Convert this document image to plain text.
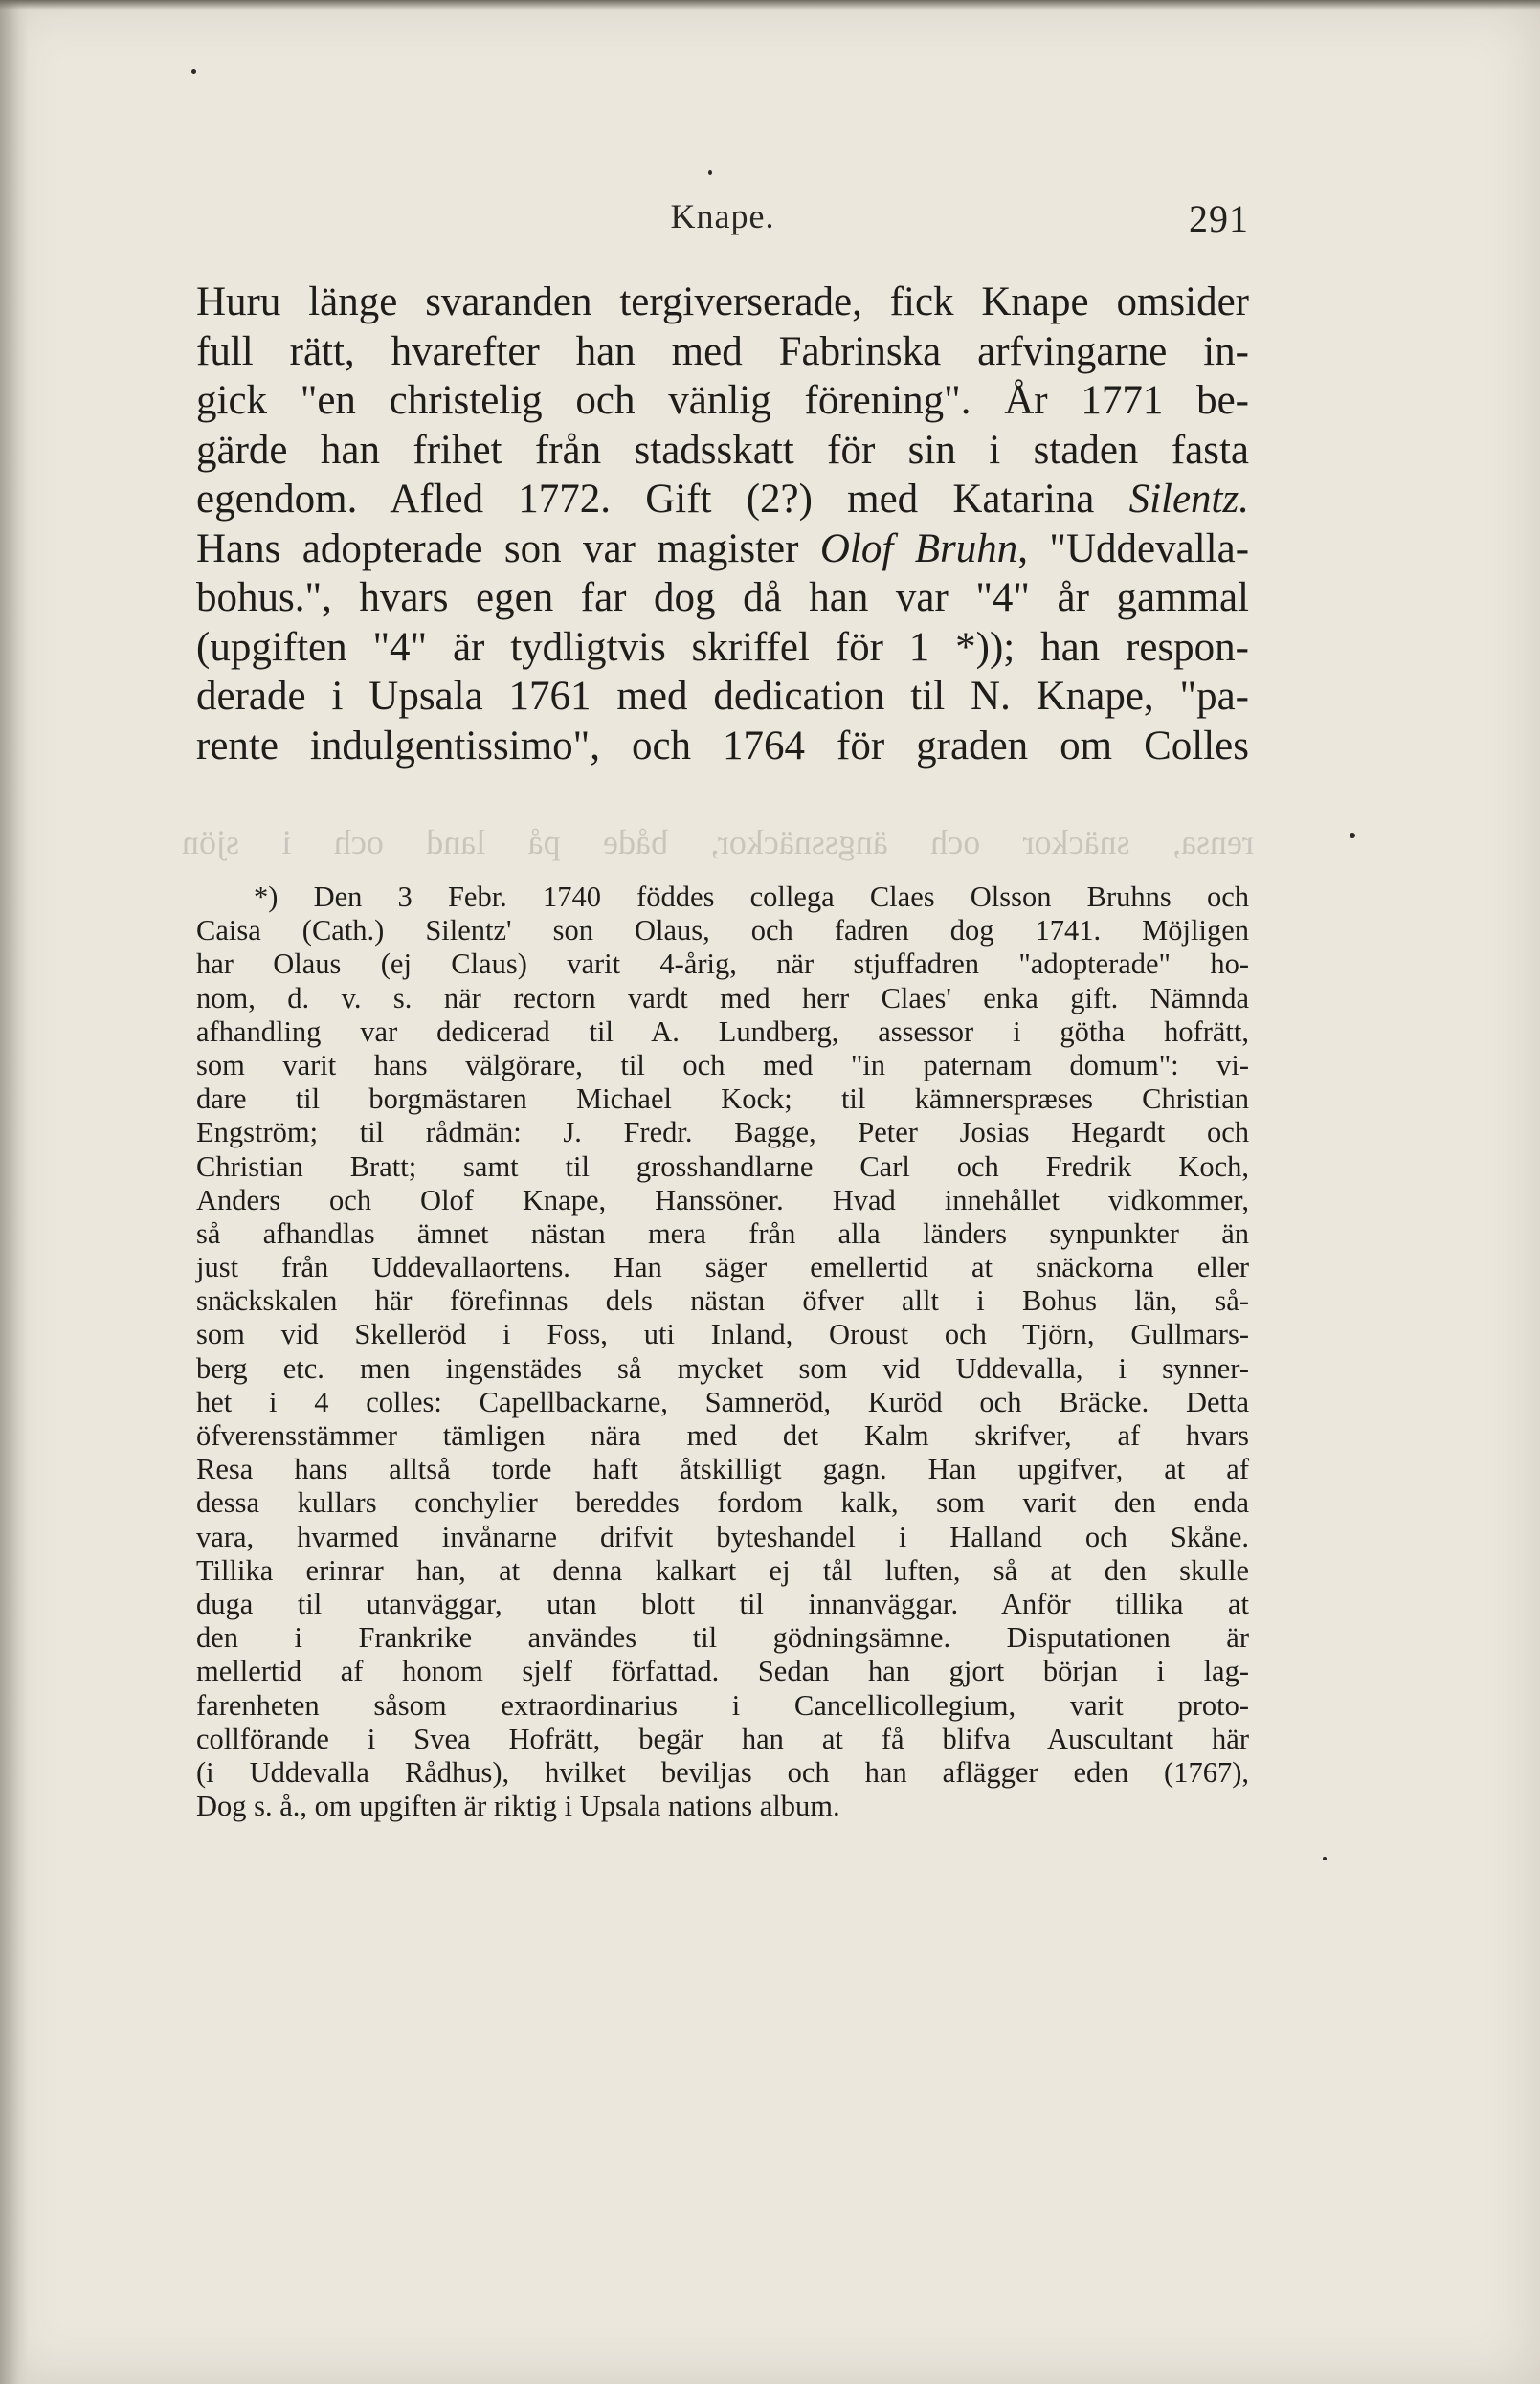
Knape.	291
Huru länge svaranden tergiverserade, fick Knape omsider
full rätt, hvarefter han med Fabrinska arfvingarne in-
gick "en christelig och vänlig förening". År 1771 be-
gärde han frihet från stadsskatt för sin i staden fasta
egendom. Afled 1772. Gift (2?) med Katarina Silentz.
Hans adopterade son var magister Olof Bruhn, "Uddevalla-
bohus.", hvars egen far dog då han var "4" år gammal
(upgiften "4" är tydligtvis skriffel för 1 *)); han respon-
derade i Upsala 1761 med dedication til N. Knape, "pa-
rente indulgentissimo", och 1764 för graden om Colles
rensa, snäckor och ängssnäckor, både på land och i sjön
*) Den 3 Febr. 1740 föddes collega Claes Olsson Bruhns och
Caisa (Cath.) Silentz' son Olaus, och fadren dog 1741. Möjligen
har Olaus (ej Claus) varit 4-årig, när stjuffadren "adopterade" ho-
nom, d. v. s. när rectorn vardt med herr Claes' enka gift. Nämnda
afhandling var dedicerad til A. Lundberg, assessor i götha hofrätt,
som varit hans välgörare, til och med "in paternam domum": vi-
dare til borgmästaren Michael Kock; til kämnerspræses Christian
Engström; til rådmän: J. Fredr. Bagge, Peter Josias Hegardt och
Christian Bratt; samt til grosshandlarne Carl och Fredrik Koch,
Anders och Olof Knape, Hanssöner. Hvad innehållet vidkommer,
så afhandlas ämnet nästan mera från alla länders synpunkter än
just från Uddevallaortens. Han säger emellertid at snäckorna eller
snäckskalen här förefinnas dels nästan öfver allt i Bohus län, så-
som vid Skelleröd i Foss, uti Inland, Oroust och Tjörn, Gullmars-
berg etc. men ingenstädes så mycket som vid Uddevalla, i synner-
het i 4 colles: Capellbackarne, Samneröd, Kuröd och Bräcke. Detta
öfverensstämmer tämligen nära med det Kalm skrifver, af hvars
Resa hans alltså torde haft åtskilligt gagn. Han upgifver, at af
dessa kullars conchylier bereddes fordom kalk, som varit den enda
vara, hvarmed invånarne drifvit byteshandel i Halland och Skåne.
Tillika erinrar han, at denna kalkart ej tål luften, så at den skulle
duga til utanväggar, utan blott til innanväggar. Anför tillika at
den i Frankrike användes til gödningsämne. Disputationen är
mellertid af honom sjelf författad. Sedan han gjort början i lag-
farenheten såsom extraordinarius i Cancellicollegium, varit proto-
collförande i Svea Hofrätt, begär han at få blifva Auscultant här
(i Uddevalla Rådhus), hvilket beviljas och han aflägger eden (1767),
Dog s. å., om upgiften är riktig i Upsala nations album.
